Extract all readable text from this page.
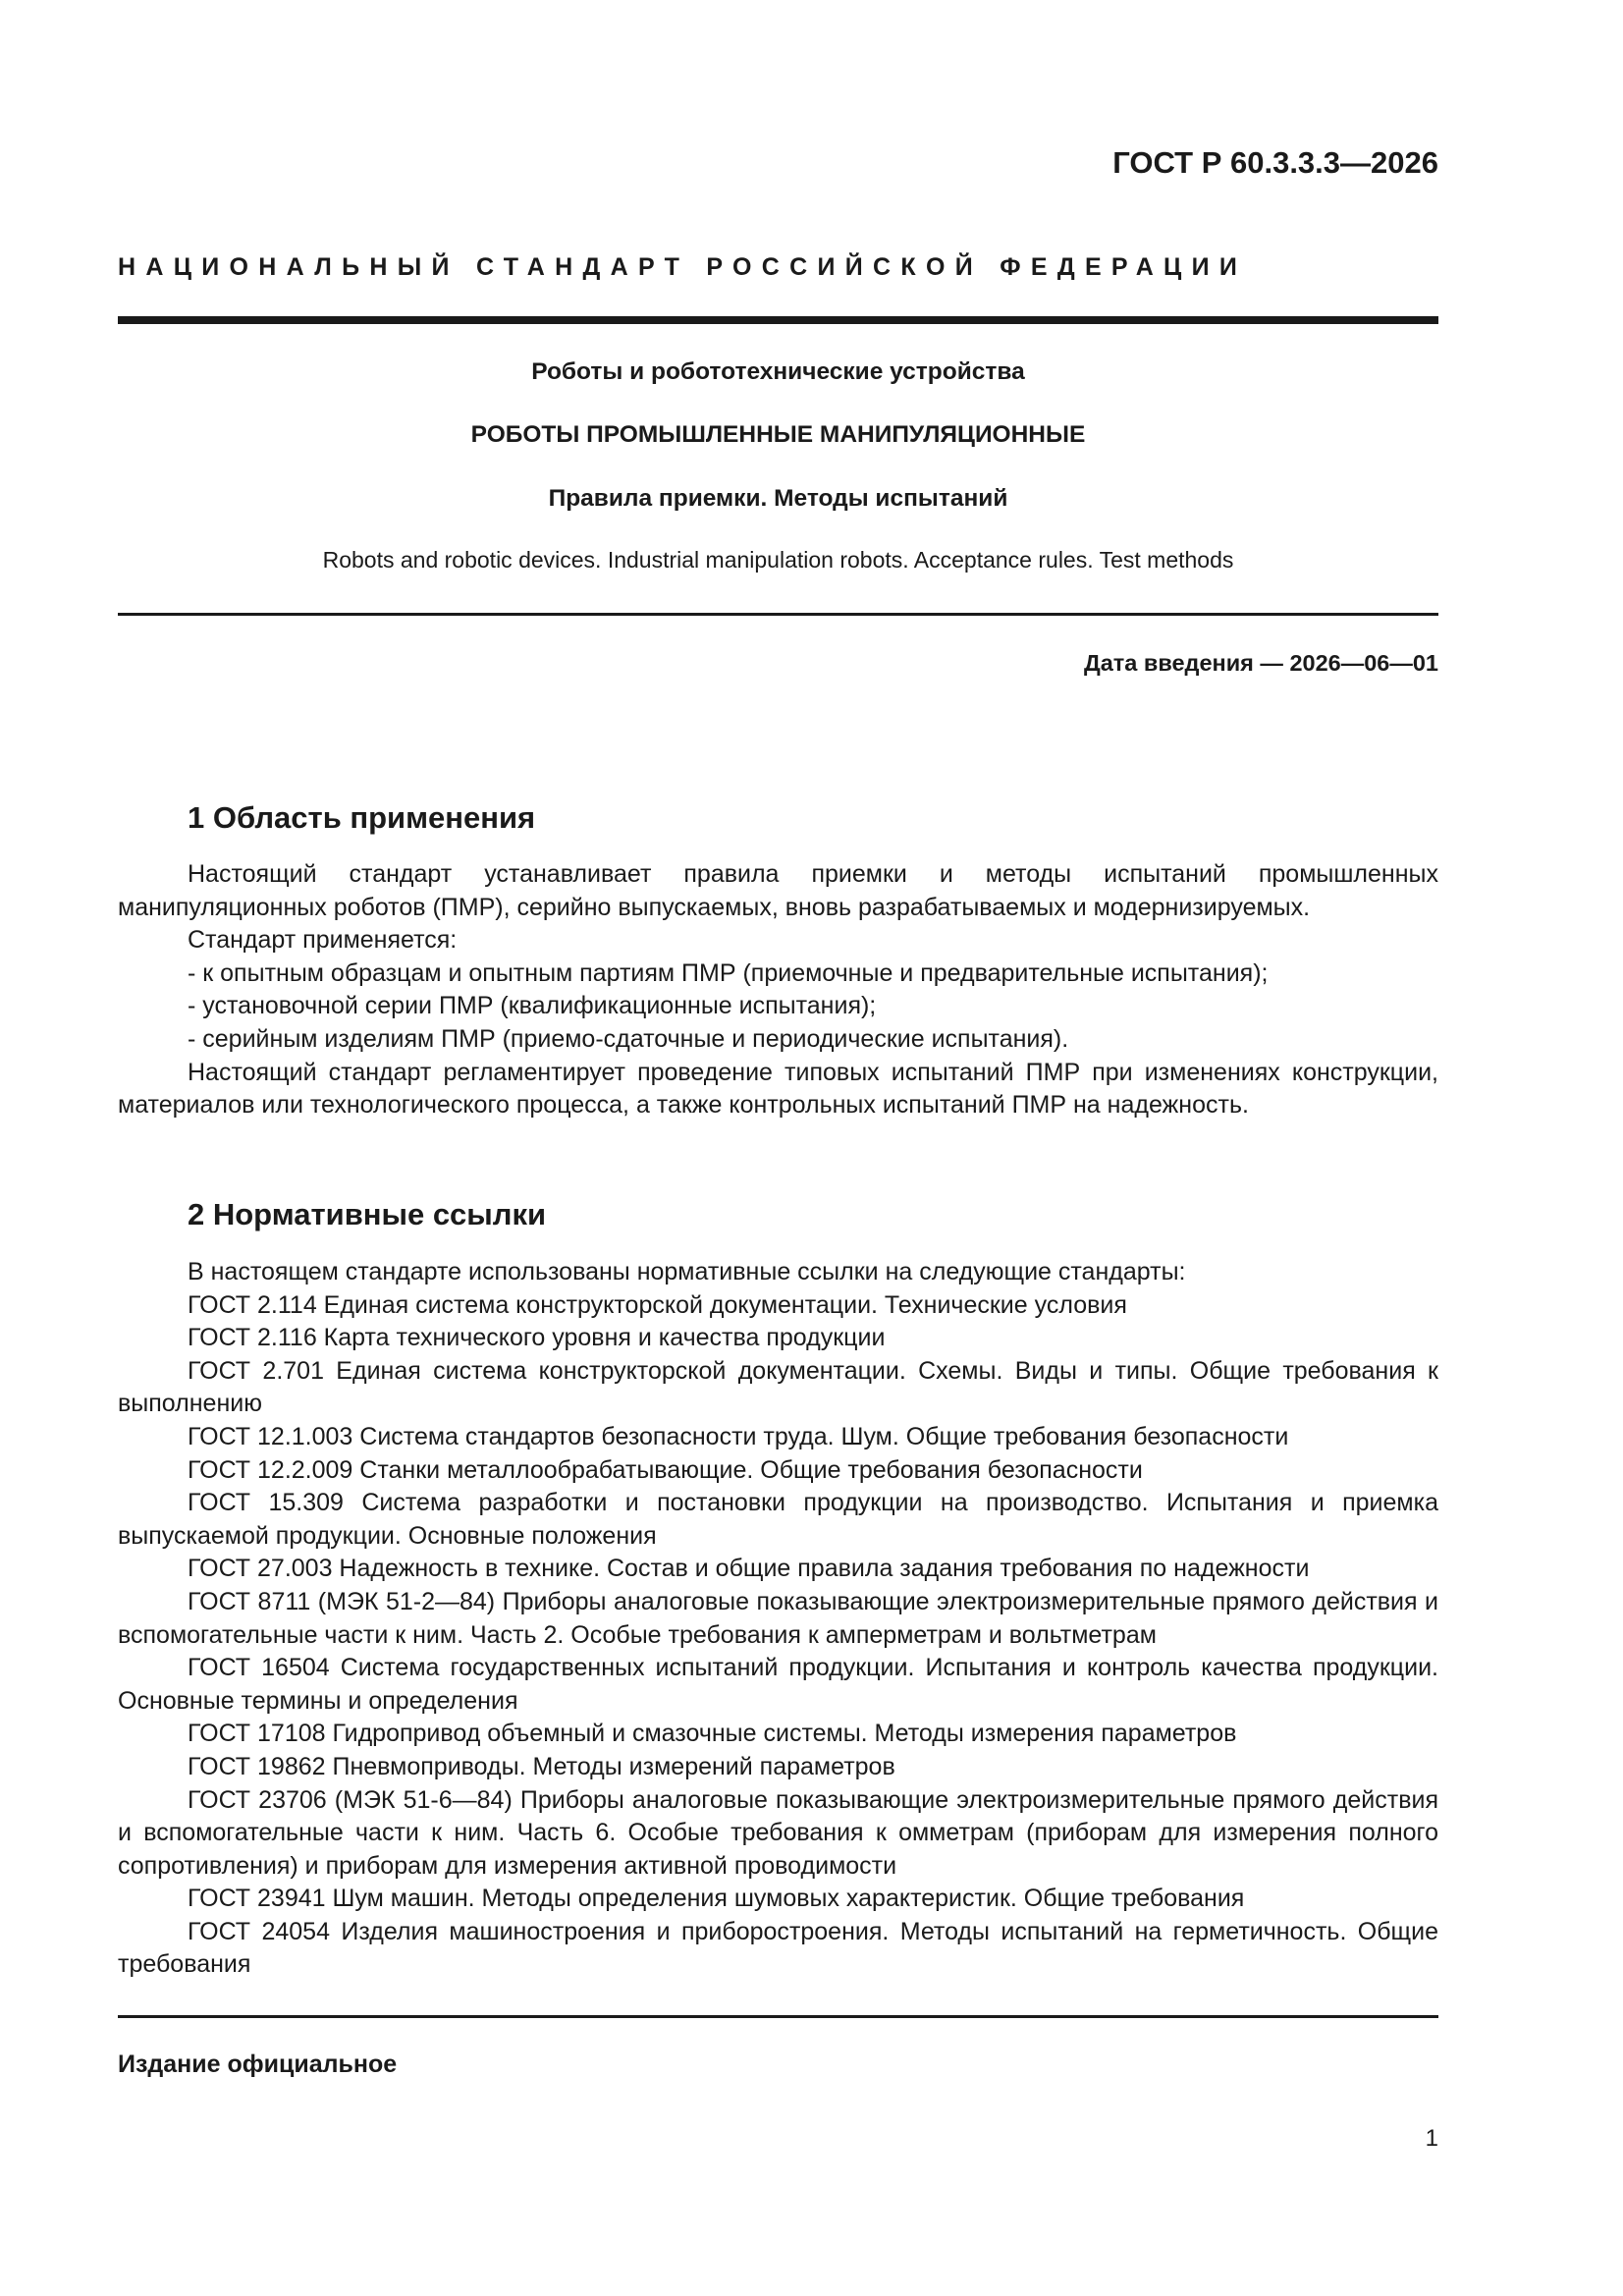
ГОСТ Р 60.3.3.3—2026
НАЦИОНАЛЬНЫЙ СТАНДАРТ РОССИЙСКОЙ ФЕДЕРАЦИИ
Роботы и робототехнические устройства
РОБОТЫ ПРОМЫШЛЕННЫЕ МАНИПУЛЯЦИОННЫЕ
Правила приемки. Методы испытаний
Robots and robotic devices. Industrial manipulation robots. Acceptance rules. Test methods
Дата введения — 2026—06—01
1 Область применения

Настоящий стандарт устанавливает правила приемки и методы испытаний промышленных манипуляционных роботов (ПМР), серийно выпускаемых, вновь разрабатываемых и модернизируемых.

Стандарт применяется:

- к опытным образцам и опытным партиям ПМР (приемочные и предварительные испытания);

- установочной серии ПМР (квалификационные испытания);

- серийным изделиям ПМР (приемо-сдаточные и периодические испытания).

Настоящий стандарт регламентирует проведение типовых испытаний ПМР при изменениях конструкции, материалов или технологического процесса, а также контрольных испытаний ПМР на надежность.

2 Нормативные ссылки

В настоящем стандарте использованы нормативные ссылки на следующие стандарты:

ГОСТ 2.114 Единая система конструкторской документации. Технические условия

ГОСТ 2.116 Карта технического уровня и качества продукции

ГОСТ 2.701 Единая система конструкторской документации. Схемы. Виды и типы. Общие требования к выполнению

ГОСТ 12.1.003 Система стандартов безопасности труда. Шум. Общие требования безопасности

ГОСТ 12.2.009 Станки металлообрабатывающие. Общие требования безопасности

ГОСТ 15.309 Система разработки и постановки продукции на производство. Испытания и приемка выпускаемой продукции. Основные положения

ГОСТ 27.003 Надежность в технике. Состав и общие правила задания требования по надежности

ГОСТ 8711 (МЭК 51-2—84) Приборы аналоговые показывающие электроизмерительные прямого действия и вспомогательные части к ним. Часть 2. Особые требования к амперметрам и вольтметрам

ГОСТ 16504 Система государственных испытаний продукции. Испытания и контроль качества продукции. Основные термины и определения

ГОСТ 17108 Гидропривод объемный и смазочные системы. Методы измерения параметров

ГОСТ 19862 Пневмоприводы. Методы измерений параметров

ГОСТ 23706 (МЭК 51-6—84) Приборы аналоговые показывающие электроизмерительные прямого действия и вспомогательные части к ним. Часть 6. Особые требования к омметрам (приборам для измерения полного сопротивления) и приборам для измерения активной проводимости

ГОСТ 23941 Шум машин. Методы определения шумовых характеристик. Общие требования

ГОСТ 24054 Изделия машиностроения и приборостроения. Методы испытаний на герметичность. Общие требования

Издание официальное
1
